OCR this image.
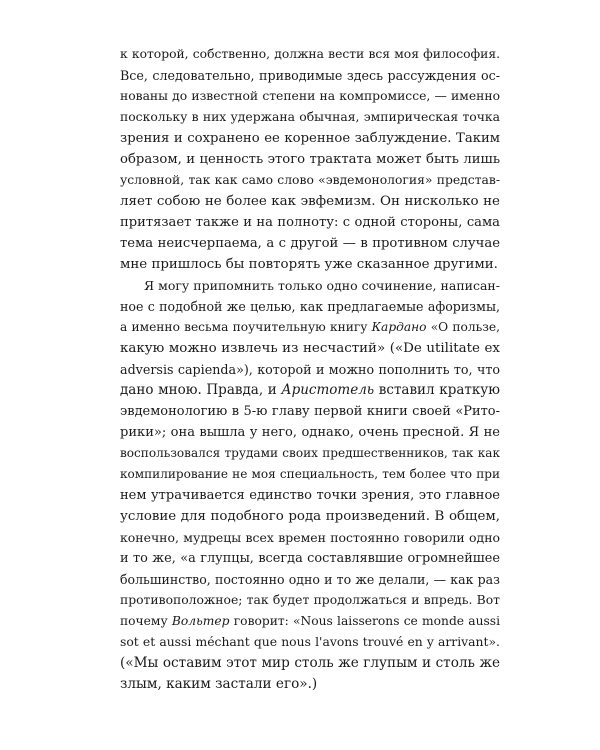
к которой, собственно, должна вести вся моя философия.
Все, следовательно, приводимые здесь рассуждения ос-
нованы до известной степени на компромиссе, — именно
поскольку в них удержана обычная, эмпирическая точка
зрения и сохранено ее коренное заблуждение. Таким
образом, и ценность этого трактата может быть лишь
условной, так как само слово «эвдемонология» представ-
ляет собою не более как эвфемизм. Он нисколько не
притязает также и на полноту: с одной стороны, сама
тема неисчерпаема, а с другой — в противном случае
мне пришлось бы повторять уже сказанное другими.
Я могу припомнить только одно сочинение, написан-
ное с подобной же целью, как предлагаемые афоризмы,
а именно весьма поучительную книгу Кардано «О пользе,
какую можно извлечь из несчастий» («De utilitate ex
adversis capienda»), которой и можно пополнить то, что
дано мною. Правда, и Аристотель вставил краткую
эвдемонологию в 5-ю главу первой книги своей «Рито-
рики»; она вышла у него, однако, очень пресной. Я не
воспользовался трудами своих предшественников, так как
компилирование не моя специальность, тем более что при
нем утрачивается единство точки зрения, это главное
условие для подобного рода произведений. В общем,
конечно, мудрецы всех времен постоянно говорили одно
и то же, «а глупцы, всегда составлявшие огромнейшее
большинство, постоянно одно и то же делали, — как раз
противоположное; так будет продолжаться и впредь. Вот
почему Вольтер говорит: «Nous laisserons ce monde aussi
sot et aussi méchant que nous l'avons trouvé en y arrivant».
(«Мы оставим этот мир столь же глупым и столь же
злым, каким застали его».)
